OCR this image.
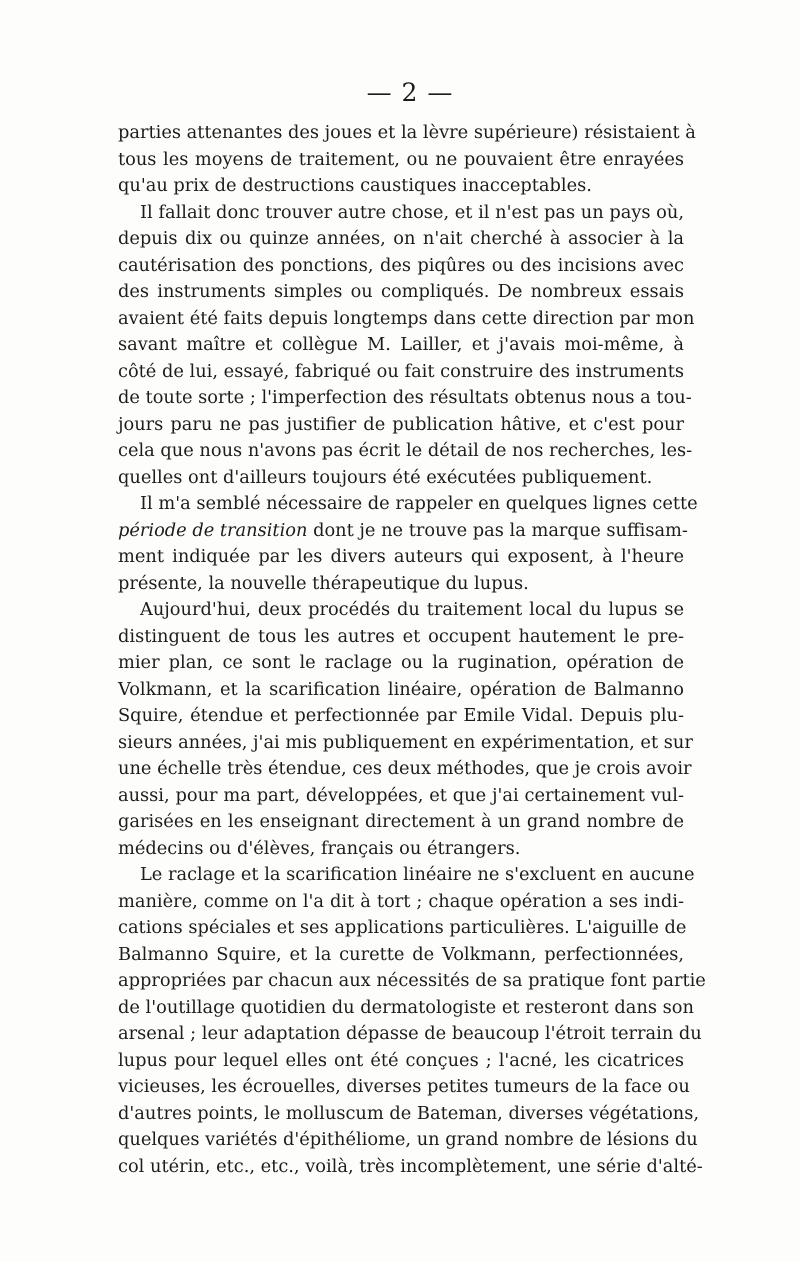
— 2 —
parties attenantes des joues et la lèvre supérieure) résistaient à
tous les moyens de traitement, ou ne pouvaient être enrayées
qu'au prix de destructions caustiques inacceptables.
Il fallait donc trouver autre chose, et il n'est pas un pays où,
depuis dix ou quinze années, on n'ait cherché à associer à la
cautérisation des ponctions, des piqûres ou des incisions avec
des instruments simples ou compliqués. De nombreux essais
avaient été faits depuis longtemps dans cette direction par mon
savant maître et collègue M. Lailler, et j'avais moi-même, à
côté de lui, essayé, fabriqué ou fait construire des instruments
de toute sorte ; l'imperfection des résultats obtenus nous a tou-
jours paru ne pas justifier de publication hâtive, et c'est pour
cela que nous n'avons pas écrit le détail de nos recherches, les-
quelles ont d'ailleurs toujours été exécutées publiquement.
Il m'a semblé nécessaire de rappeler en quelques lignes cette
période de transition dont je ne trouve pas la marque suffisam-
ment indiquée par les divers auteurs qui exposent, à l'heure
présente, la nouvelle thérapeutique du lupus.
Aujourd'hui, deux procédés du traitement local du lupus se
distinguent de tous les autres et occupent hautement le pre-
mier plan, ce sont le raclage ou la rugination, opération de
Volkmann, et la scarification linéaire, opération de Balmanno
Squire, étendue et perfectionnée par Emile Vidal. Depuis plu-
sieurs années, j'ai mis publiquement en expérimentation, et sur
une échelle très étendue, ces deux méthodes, que je crois avoir
aussi, pour ma part, développées, et que j'ai certainement vul-
garisées en les enseignant directement à un grand nombre de
médecins ou d'élèves, français ou étrangers.
Le raclage et la scarification linéaire ne s'excluent en aucune
manière, comme on l'a dit à tort ; chaque opération a ses indi-
cations spéciales et ses applications particulières. L'aiguille de
Balmanno Squire, et la curette de Volkmann, perfectionnées,
appropriées par chacun aux nécessités de sa pratique font partie
de l'outillage quotidien du dermatologiste et resteront dans son
arsenal ; leur adaptation dépasse de beaucoup l'étroit terrain du
lupus pour lequel elles ont été conçues ; l'acné, les cicatrices
vicieuses, les écrouelles, diverses petites tumeurs de la face ou
d'autres points, le molluscum de Bateman, diverses végétations,
quelques variétés d'épithéliome, un grand nombre de lésions du
col utérin, etc., etc., voilà, très incomplètement, une série d'alté-
